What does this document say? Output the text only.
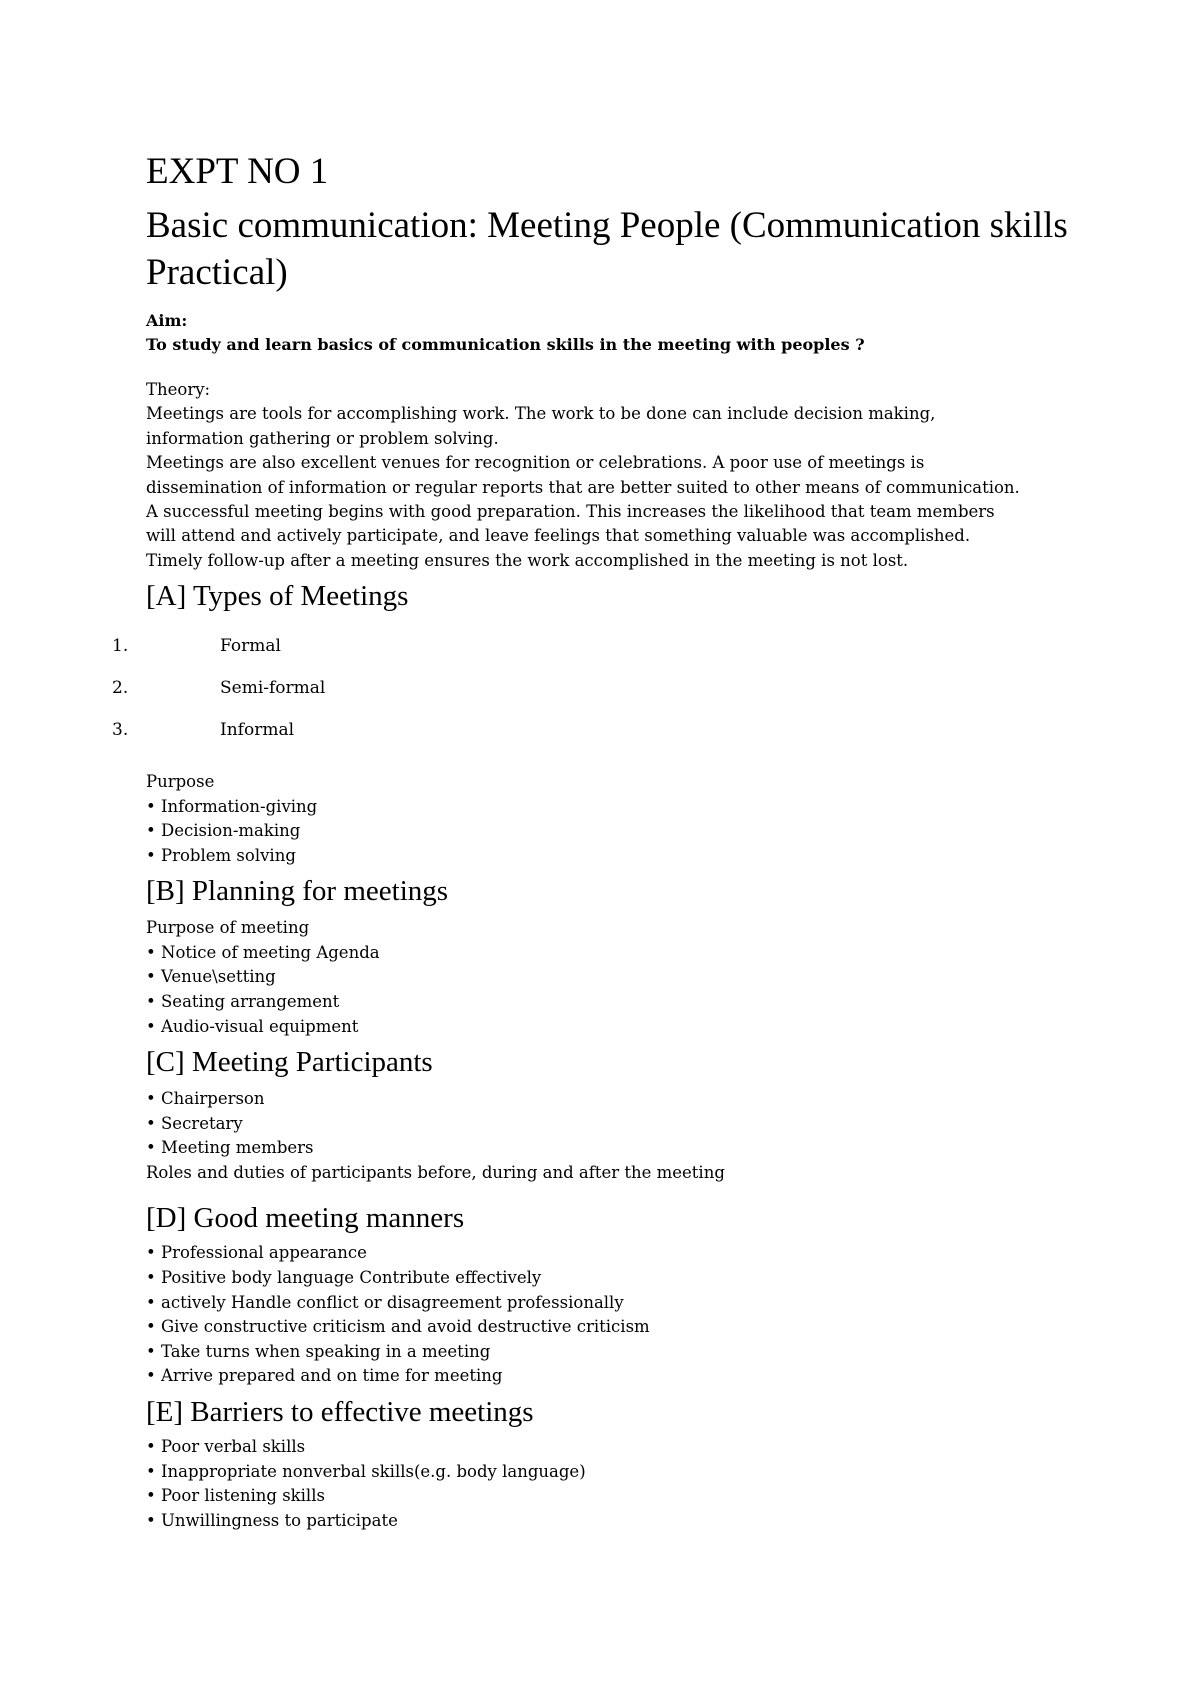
EXPT NO 1
Basic communication: Meeting People (Communication skills Practical)
Aim:
To study and learn basics of communication skills in the meeting with peoples ?
Theory:
Meetings are tools for accomplishing work. The work to be done can include decision making,
information gathering or problem solving.
Meetings are also excellent venues for recognition or celebrations. A poor use of meetings is
dissemination of information or regular reports that are better suited to other means of communication.
A successful meeting begins with good preparation. This increases the likelihood that team members
will attend and actively participate, and leave feelings that something valuable was accomplished.
Timely follow-up after a meeting ensures the work accomplished in the meeting is not lost.
[A] Types of Meetings
1.	Formal
2.	Semi-formal
3.	Informal
Purpose
• Information-giving
• Decision-making
• Problem solving
[B] Planning for meetings
Purpose of meeting
• Notice of meeting Agenda
• Venue\setting
• Seating arrangement
• Audio-visual equipment
[C] Meeting Participants
• Chairperson
• Secretary
• Meeting members
Roles and duties of participants before, during and after the meeting
[D] Good meeting manners
• Professional appearance
• Positive body language Contribute effectively
• actively Handle conflict or disagreement professionally
• Give constructive criticism and avoid destructive criticism
• Take turns when speaking in a meeting
• Arrive prepared and on time for meeting
[E] Barriers to effective meetings
• Poor verbal skills
• Inappropriate nonverbal skills(e.g. body language)
• Poor listening skills
• Unwillingness to participate
